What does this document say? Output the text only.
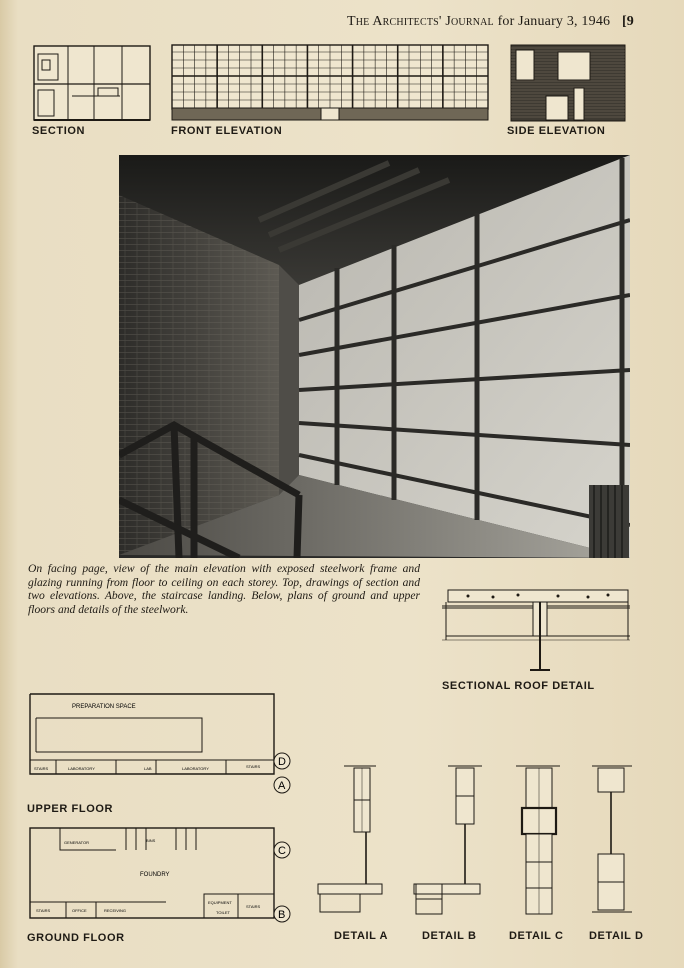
The Architects' Journal for January 3, 1946 [9
SECTION	FRONT ELEVATION	SIDE ELEVATION
On facing page, view of the main elevation with exposed steelwork frame and glazing running from floor to ceiling on each storey. Top, drawings of section and two elevations. Above, the staircase landing. Below, plans of ground and upper floors and details of the steelwork.
SECTIONAL ROOF DETAIL
D
A
PREPARATION SPACE
STAIRS	LABORATORY	LAB	LABORATORY	STAIRS
UPPER FLOOR
C
B
GENERATOR	BINS
FOUNDRY
STAIRS	OFFICE	RECEIVING
EQUIPMENT
TOILET
STAIRS
GROUND FLOOR	DETAIL A	DETAIL B	DETAIL C DETAIL D
